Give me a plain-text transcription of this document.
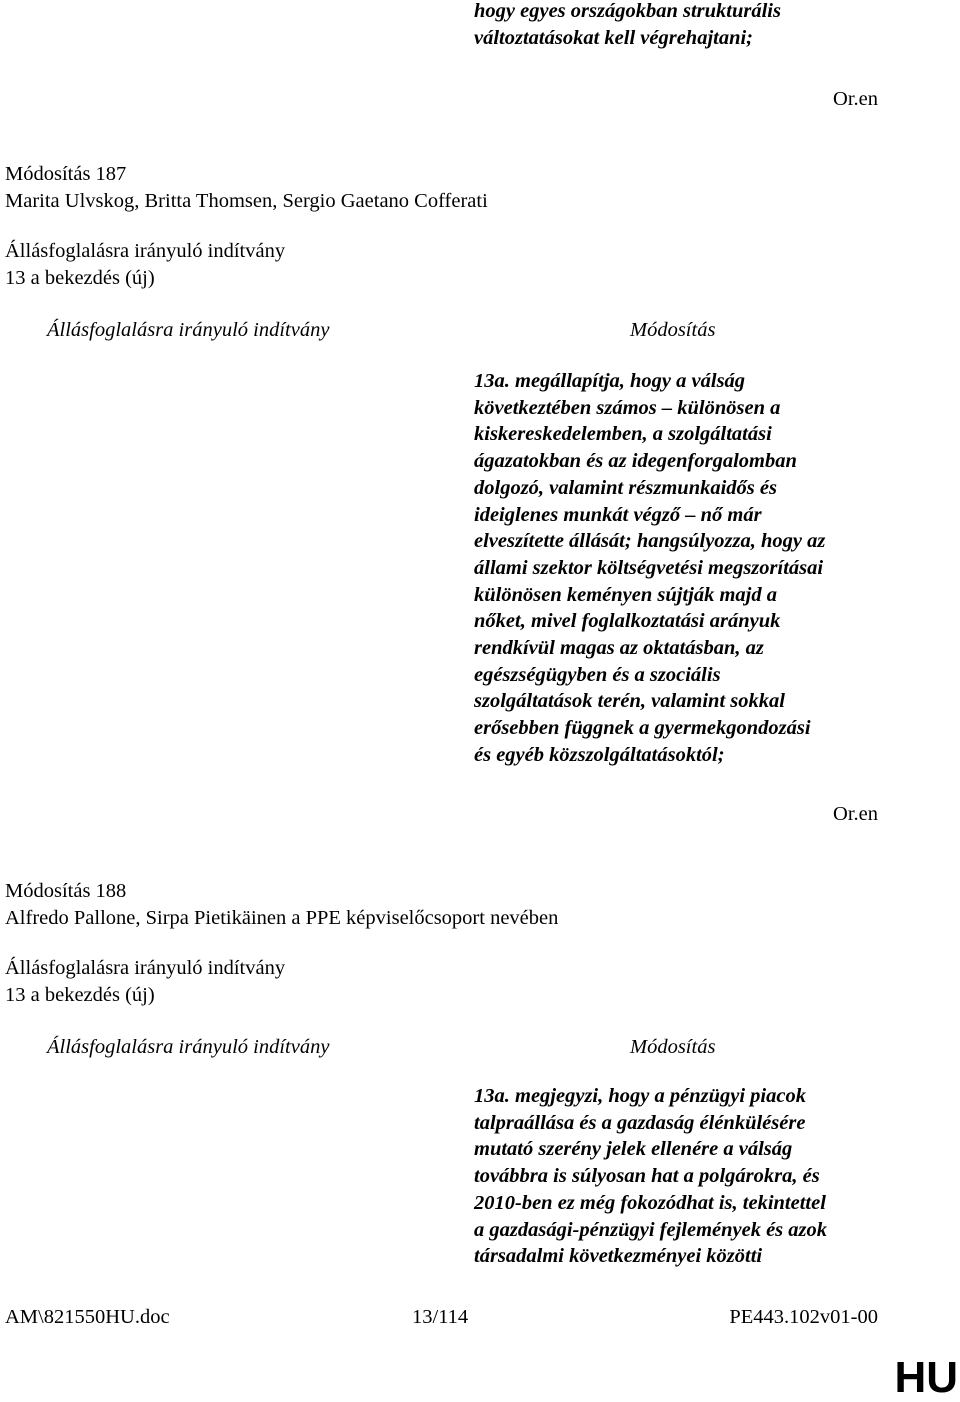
hogy egyes országokban strukturális
változtatásokat kell végrehajtani;
Or.en
Módosítás 187
Marita Ulvskog, Britta Thomsen, Sergio Gaetano Cofferati
Állásfoglalásra irányuló indítvány
13 a bekezdés (új)
Állásfoglalásra irányuló indítvány	Módosítás
13a. megállapítja, hogy a válság
következtében számos – különösen a
kiskereskedelemben, a szolgáltatási
ágazatokban és az idegenforgalomban
dolgozó, valamint részmunkaidős és
ideiglenes munkát végző – nő már
elveszítette állását; hangsúlyozza, hogy az
állami szektor költségvetési megszorításai
különösen keményen sújtják majd a
nőket, mivel foglalkoztatási arányuk
rendkívül magas az oktatásban, az
egészségügyben és a szociális
szolgáltatások terén, valamint sokkal
erősebben függnek a gyermekgondozási
és egyéb közszolgáltatásoktól;
Or.en
Módosítás 188
Alfredo Pallone, Sirpa Pietikäinen a PPE képviselőcsoport nevében
Állásfoglalásra irányuló indítvány
13 a bekezdés (új)
Állásfoglalásra irányuló indítvány	Módosítás
13a. megjegyzi, hogy a pénzügyi piacok
talpraállása és a gazdaság élénkülésére
mutató szerény jelek ellenére a válság
továbbra is súlyosan hat a polgárokra, és
2010-ben ez még fokozódhat is, tekintettel
a gazdasági-pénzügyi fejlemények és azok
társadalmi következményei közötti
AM\821550HU.doc	13/114	PE443.102v01-00
HU
